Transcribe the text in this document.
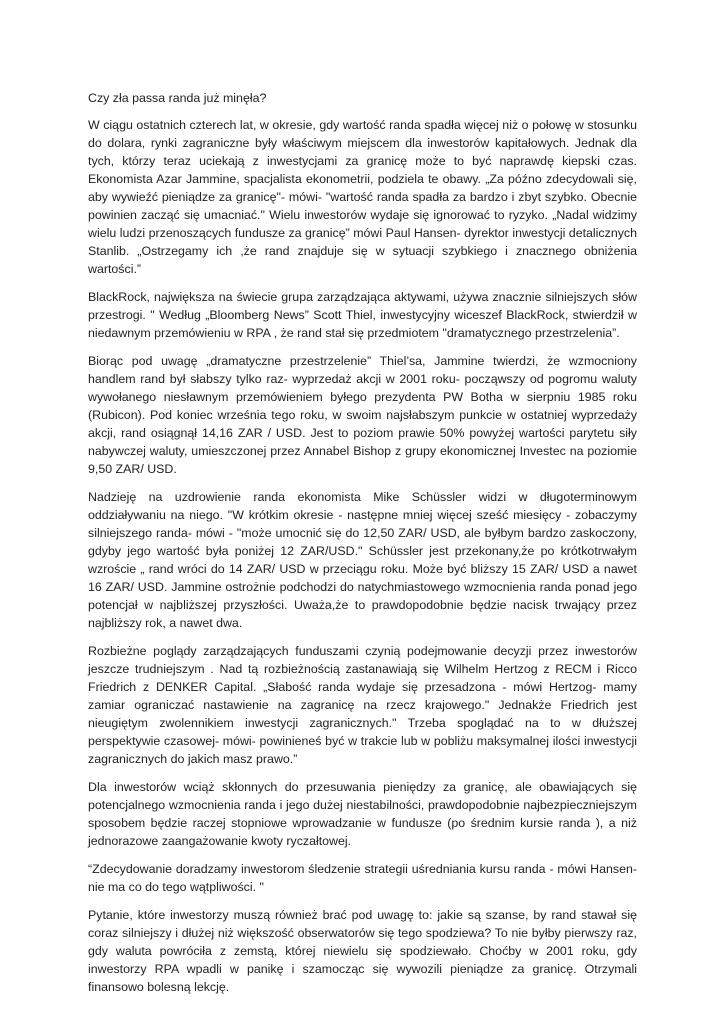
Czy zła passa randa już minęła?

W ciągu ostatnich czterech lat, w okresie, gdy wartość randa spadła więcej niż o połowę w stosunku do dolara, rynki zagraniczne były właściwym miejscem dla inwestorów kapitałowych. Jednak dla tych, którzy teraz uciekają z inwestycjami za granicę może to być naprawdę kiepski czas. Ekonomista Azar Jammine, spacjalista ekonometrii, podziela te obawy. „Za późno zdecydowali się, aby wywieźć pieniądze za granicę"- mówi- "wartość randa spadła za bardzo i zbyt szybko. Obecnie powinien zacząć się umacniać." Wielu inwestorów wydaje się ignorować to ryzyko. „Nadal widzimy wielu ludzi przenoszących fundusze za granicę” mówi Paul Hansen- dyrektor inwestycji detalicznych Stanlib. „Ostrzegamy ich ,że rand znajduje się w sytuacji szybkiego i znacznego obniżenia wartości.”

BlackRock, największa na świecie grupa zarządzająca aktywami, używa znacznie silniejszych słów przestrogi. " Według „Bloomberg News” Scott Thiel, inwestycyjny wiceszef BlackRock, stwierdził w niedawnym przemówieniu w RPA , że rand stał się przedmiotem "dramatycznego przestrzelenia”.

Biorąc pod uwagę „dramatyczne przestrzelenie” Thiel’sa, Jammine twierdzi, że wzmocniony handlem rand był słabszy tylko raz- wyprzedaż akcji w 2001 roku- począwszy od pogromu waluty wywołanego niesławnym przemówieniem byłego prezydenta PW Botha w sierpniu 1985 roku (Rubicon). Pod koniec września tego roku, w swoim najsłabszym punkcie w ostatniej wyprzedaży akcji, rand osiągnął 14,16 ZAR / USD. Jest to poziom prawie 50% powyżej wartości parytetu siły nabywczej waluty, umieszczonej przez Annabel Bishop z grupy ekonomicznej Investec na poziomie 9,50 ZAR/ USD.

Nadzieję na uzdrowienie randa ekonomista Mike Schüssler widzi w długoterminowym oddziaływaniu na niego. "W krótkim okresie - następne mniej więcej sześć miesięcy - zobaczymy silniejszego randa- mówi - "może umocnić się do 12,50 ZAR/ USD, ale byłbym bardzo zaskoczony, gdyby jego wartość była poniżej 12 ZAR/USD." Schüssler jest przekonany,że po krótkotrwałym wzroście „ rand wróci do 14 ZAR/ USD w przeciągu roku. Może być bliższy 15 ZAR/ USD a nawet 16 ZAR/ USD. Jammine ostrożnie podchodzi do natychmiastowego wzmocnienia randa ponad jego potencjał w najbliższej przyszłości. Uważa,że to prawdopodobnie będzie nacisk trwający przez najbliższy rok, a nawet dwa.

Rozbieżne poglądy zarządzających funduszami czynią podejmowanie decyzji przez inwestorów jeszcze trudniejszym . Nad tą rozbieżnością zastanawiają się Wilhelm Hertzog z RECM i Ricco Friedrich z DENKER Capital. „Słabość randa wydaje się przesadzona - mówi Hertzog- mamy zamiar ograniczać nastawienie na zagranicę na rzecz krajowego." Jednakże Friedrich jest nieugiętym zwolennikiem inwestycji zagranicznych." Trzeba spoglądać na to w dłuższej perspektywie czasowej- mówi- powinieneś być w trakcie lub w pobliżu maksymalnej ilości inwestycji zagranicznych do jakich masz prawo.”

Dla inwestorów wciąż skłonnych do przesuwania pieniędzy za granicę, ale obawiających się potencjalnego wzmocnienia randa i jego dużej niestabilności, prawdopodobnie najbezpieczniejszym sposobem będzie raczej stopniowe wprowadzanie w fundusze (po średnim kursie randa ), a niż jednorazowe zaangażowanie kwoty ryczałtowej.

“Zdecydowanie doradzamy inwestorom śledzenie strategii uśredniania kursu randa - mówi Hansen- nie ma co do tego wątpliwości. "

Pytanie, które inwestorzy muszą również brać pod uwagę to: jakie są szanse, by rand stawał się coraz silniejszy i dłużej niż większość obserwatorów się tego spodziewa? To nie byłby pierwszy raz, gdy waluta powróciła z zemstą, której niewielu się spodziewało. Choćby w 2001 roku, gdy inwestorzy RPA wpadli w panikę i szamocząc się wywozili pieniądze za granicę. Otrzymali finansowo bolesną lekcję.
